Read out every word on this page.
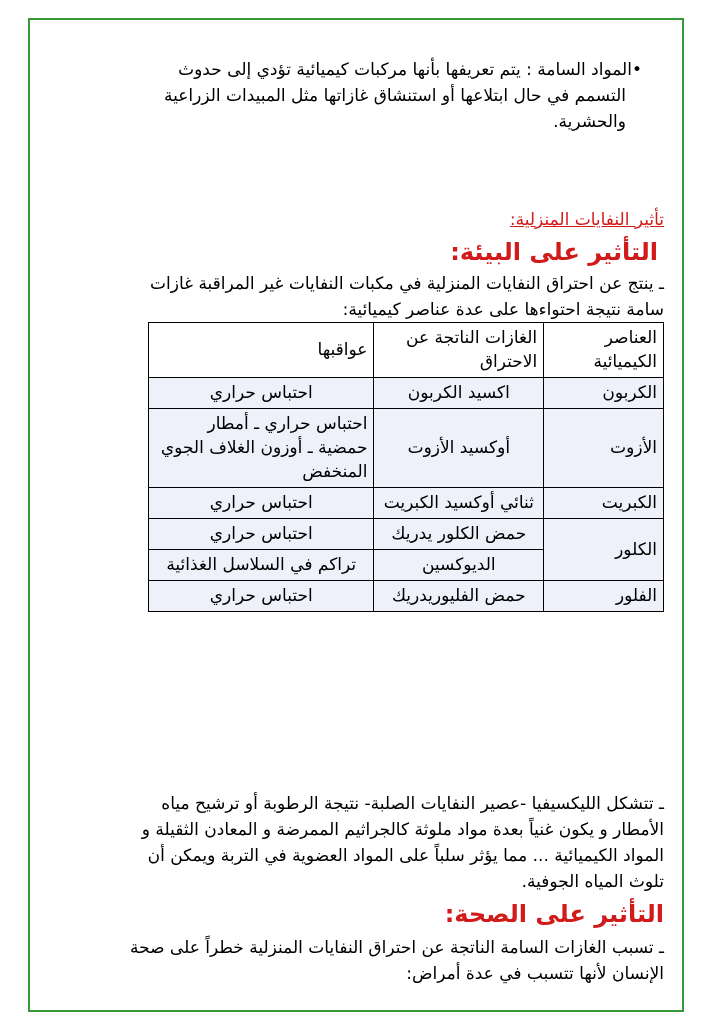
•المواد السامة : يتم تعريفها بأنها مركبات كيميائية تؤدي إلى حدوث
التسمم في حال ابتلاعها أو استنشاق غازاتها مثل المبيدات الزراعية
والحشرية.
تأثير النفايات المنزلية:
التأثير على البيئة:
ـ ينتج عن احتراق النفايات المنزلية في مكبات النفايات غير المراقبة غازات
سامة نتيجة احتواءها على عدة عناصر كيميائية:
العناصر الكيميائية	الغازات الناتجة عن الاحتراق	عواقبها
الكربون	اكسيد الكربون	احتباس حراري
الأزوت	أوكسيد الأزوت	احتباس حراري ـ أمطار حمضية ـ أوزون الغلاف الجوي المنخفض
الكبريت	ثنائي أوكسيد الكبريت	احتباس حراري
الكلور	حمض الكلور يدريك	احتباس حراري
	الديوكسين	تراكم في السلاسل الغذائية
الفلور	حمض الفليوريدريك	احتباس حراري
ـ تتشكل الليكسيفيا -عصير النفايات الصلبة- نتيجة الرطوبة أو ترشيح مياه
الأمطار و يكون غنياً بعدة مواد ملوثة كالجراثيم الممرضة و المعادن الثقيلة و
المواد الكيميائية ... مما يؤثر سلباً على المواد العضوية في التربة ويمكن أن
تلوث المياه الجوفية.
التأثير على الصحة:
ـ تسبب الغازات السامة الناتجة عن احتراق النفايات المنزلية خطراً على صحة
الإنسان لأنها تتسبب في عدة أمراض:
